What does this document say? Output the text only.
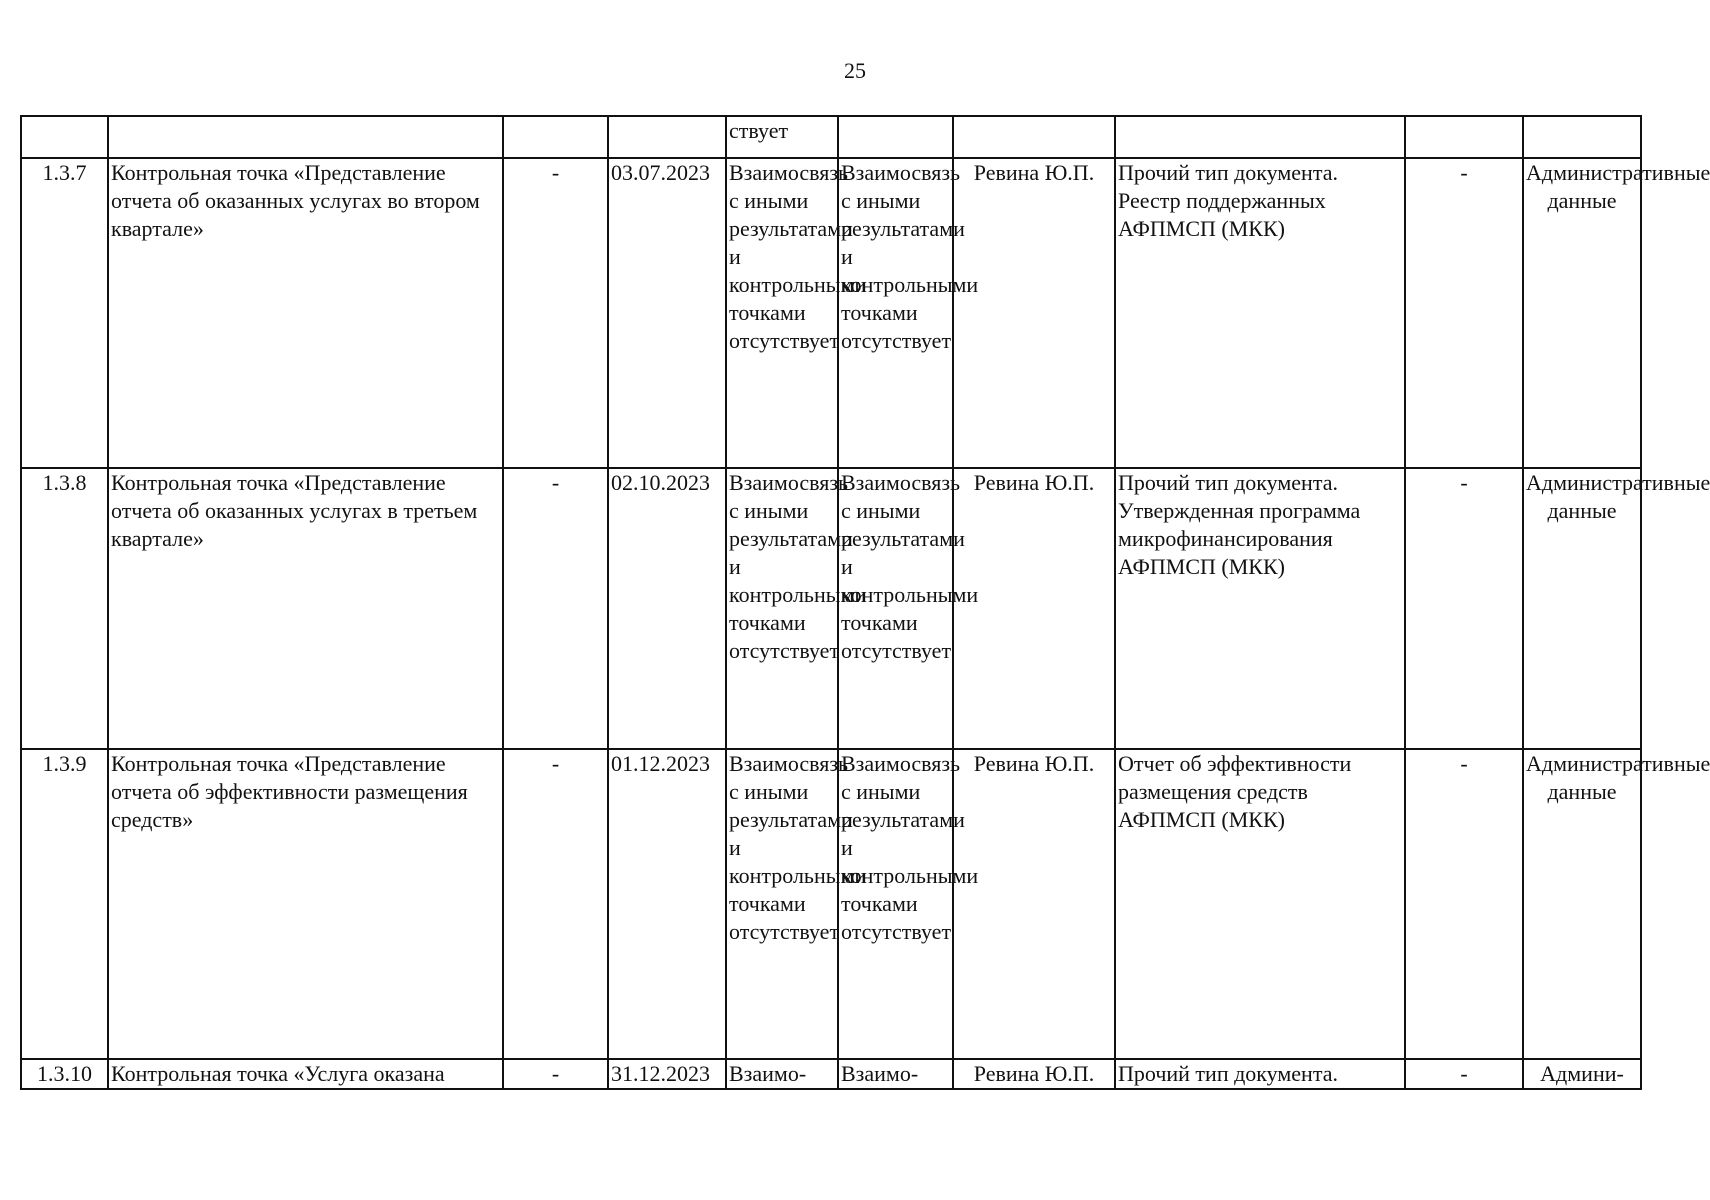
25
				ствует					
1.3.7	Контрольная точка «Представление отчета об оказанных услугах во втором квартале»	-	03.07.2023	Взаимосвязь с иными результатами и контрольными точками отсутствует	Взаимосвязь с иными результатами и контрольными точками отсутствует	Ревина Ю.П.	Прочий тип документа. Реестр поддержанных АФПМСП (МКК)	-	Административные данные
1.3.8	Контрольная точка «Представление отчета об оказанных услугах в третьем квартале»	-	02.10.2023	Взаимосвязь с иными результатами и контрольными точками отсутствует	Взаимосвязь с иными результатами и контрольными точками отсутствует	Ревина Ю.П.	Прочий тип документа. Утвержденная программа микрофинансирования АФПМСП (МКК)	-	Административные данные
1.3.9	Контрольная точка «Представление отчета об эффективности размещения средств»	-	01.12.2023	Взаимосвязь с иными результатами и контрольными точками отсутствует	Взаимосвязь с иными результатами и контрольными точками отсутствует	Ревина Ю.П.	Отчет об эффективности размещения средств АФПМСП (МКК)	-	Административные данные
1.3.10	Контрольная точка «Услуга оказана	-	31.12.2023	Взаимо-	Взаимо-	Ревина Ю.П.	Прочий тип документа.	-	Админи-
